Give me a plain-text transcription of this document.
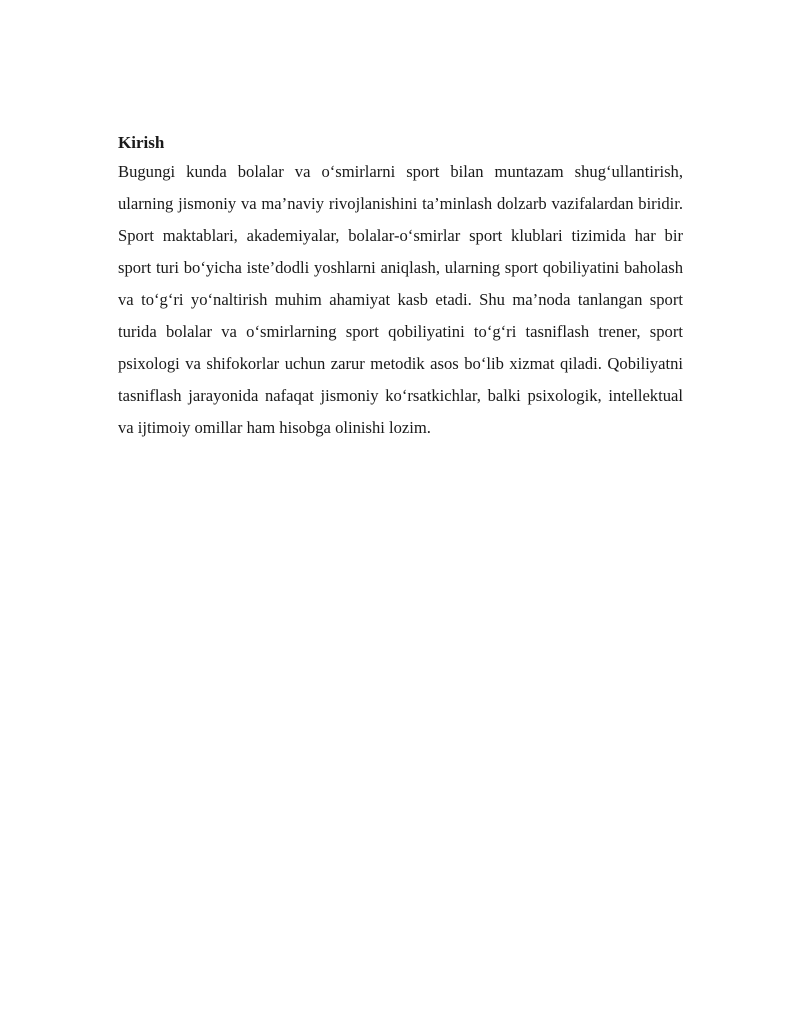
Kirish

Bugungi kunda bolalar va o‘smirlarni sport bilan muntazam shug‘ullantirish, ularning jismoniy va ma’naviy rivojlanishini ta’minlash dolzarb vazifalardan biridir. Sport maktablari, akademiyalar, bolalar-o‘smirlar sport klublari tizimida har bir sport turi bo‘yicha iste’dodli yoshlarni aniqlash, ularning sport qobiliyatini baholash va to‘g‘ri yo‘naltirish muhim ahamiyat kasb etadi. Shu ma’noda tanlangan sport turida bolalar va o‘smirlarning sport qobiliyatini to‘g‘ri tasniflash trener, sport psixologi va shifokorlar uchun zarur metodik asos bo‘lib xizmat qiladi. Qobiliyatni tasniflash jarayonida nafaqat jismoniy ko‘rsatkichlar, balki psixologik, intellektual va ijtimoiy omillar ham hisobga olinishi lozim.
